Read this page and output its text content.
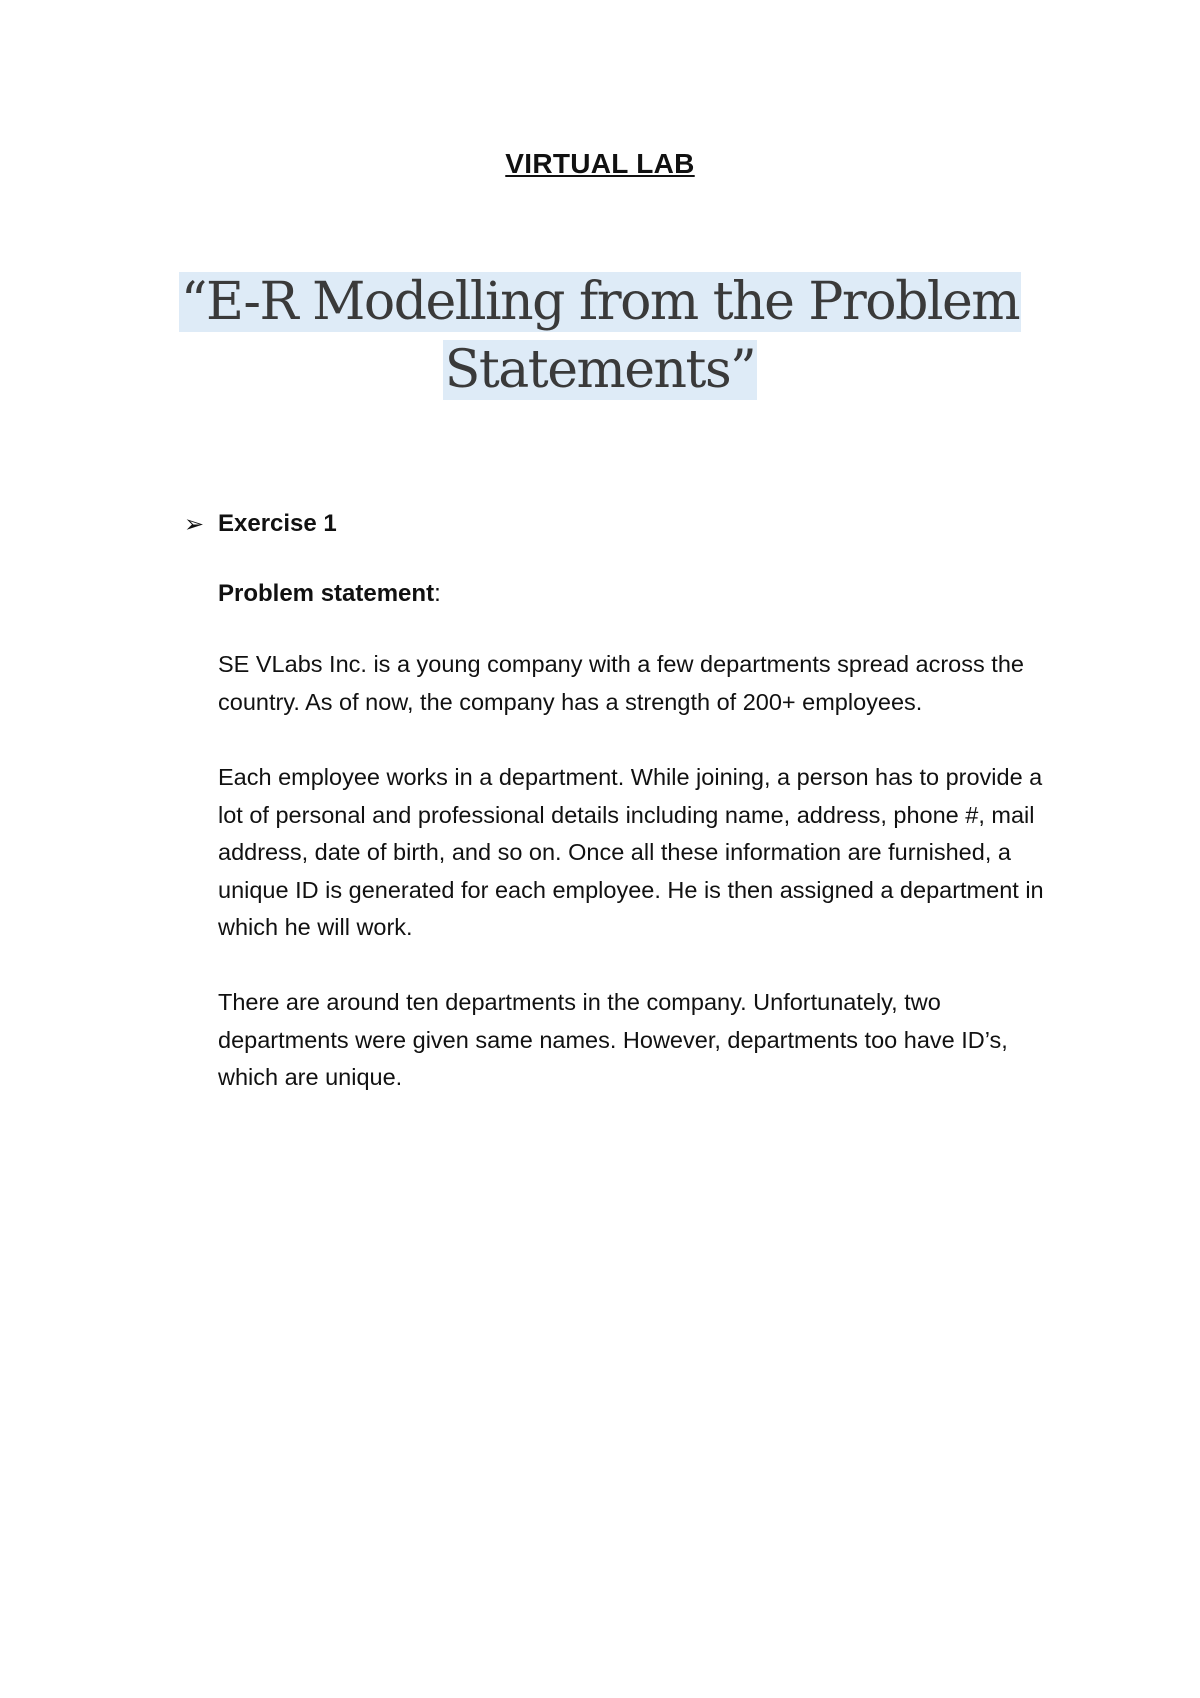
VIRTUAL LAB
“E-R Modelling from the Problem
Statements”
➢ Exercise 1
Problem statement:

SE VLabs Inc. is a young company with a few departments spread across the country. As of now, the company has a strength of 200+ employees.

Each employee works in a department. While joining, a person has to provide a lot of personal and professional details including name, address, phone #, mail address, date of birth, and so on. Once all these information are furnished, a unique ID is generated for each employee. He is then assigned a department in which he will work.

There are around ten departments in the company. Unfortunately, two departments were given same names. However, departments too have ID’s, which are unique.
